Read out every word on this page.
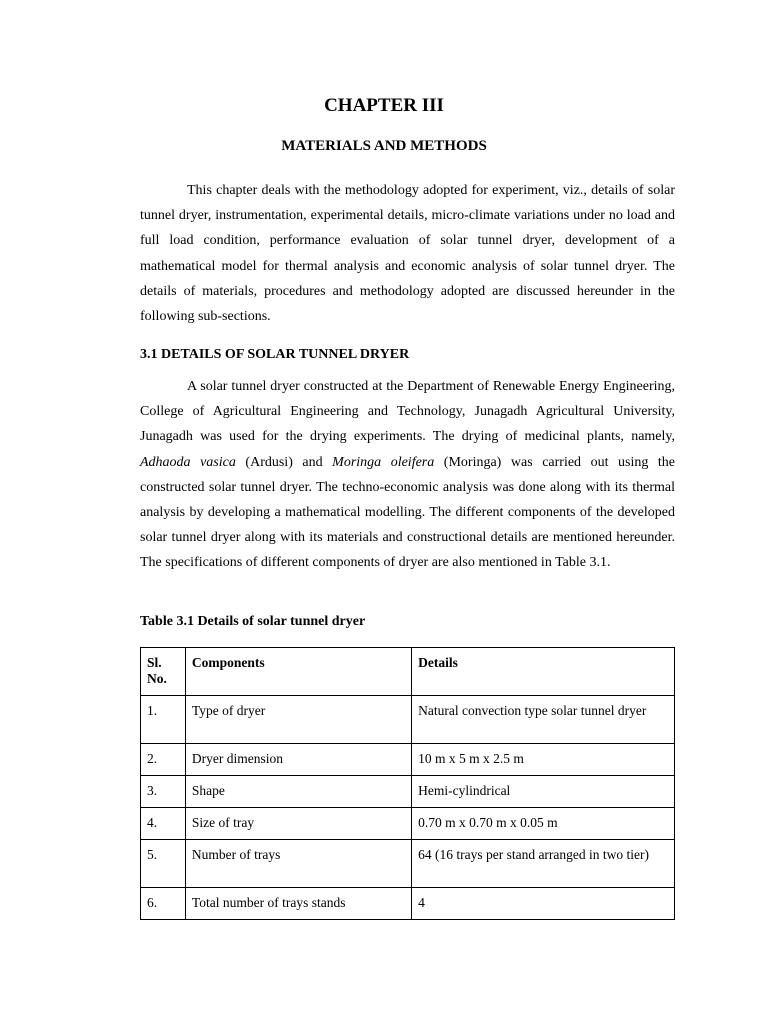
CHAPTER III
MATERIALS AND METHODS

This chapter deals with the methodology adopted for experiment, viz., details of solar tunnel dryer, instrumentation, experimental details, micro-climate variations under no load and full load condition, performance evaluation of solar tunnel dryer, development of a mathematical model for thermal analysis and economic analysis of solar tunnel dryer. The details of materials, procedures and methodology adopted are discussed hereunder in the following sub-sections.

3.1 DETAILS OF SOLAR TUNNEL DRYER

A solar tunnel dryer constructed at the Department of Renewable Energy Engineering, College of Agricultural Engineering and Technology, Junagadh Agricultural University, Junagadh was used for the drying experiments. The drying of medicinal plants, namely, Adhaoda vasica (Ardusi) and Moringa oleifera (Moringa) was carried out using the constructed solar tunnel dryer. The techno-economic analysis was done along with its thermal analysis by developing a mathematical modelling. The different components of the developed solar tunnel dryer along with its materials and constructional details are mentioned hereunder. The specifications of different components of dryer are also mentioned in Table 3.1.

Table 3.1 Details of solar tunnel dryer
Sl. No.	Components	Details
1.	Type of dryer	Natural convection type solar tunnel dryer
2.	Dryer dimension	10 m x 5 m x 2.5 m
3.	Shape	Hemi-cylindrical
4.	Size of tray	0.70 m x 0.70 m x 0.05 m
5.	Number of trays	64 (16 trays per stand arranged in two tier)
6.	Total number of trays stands	4
